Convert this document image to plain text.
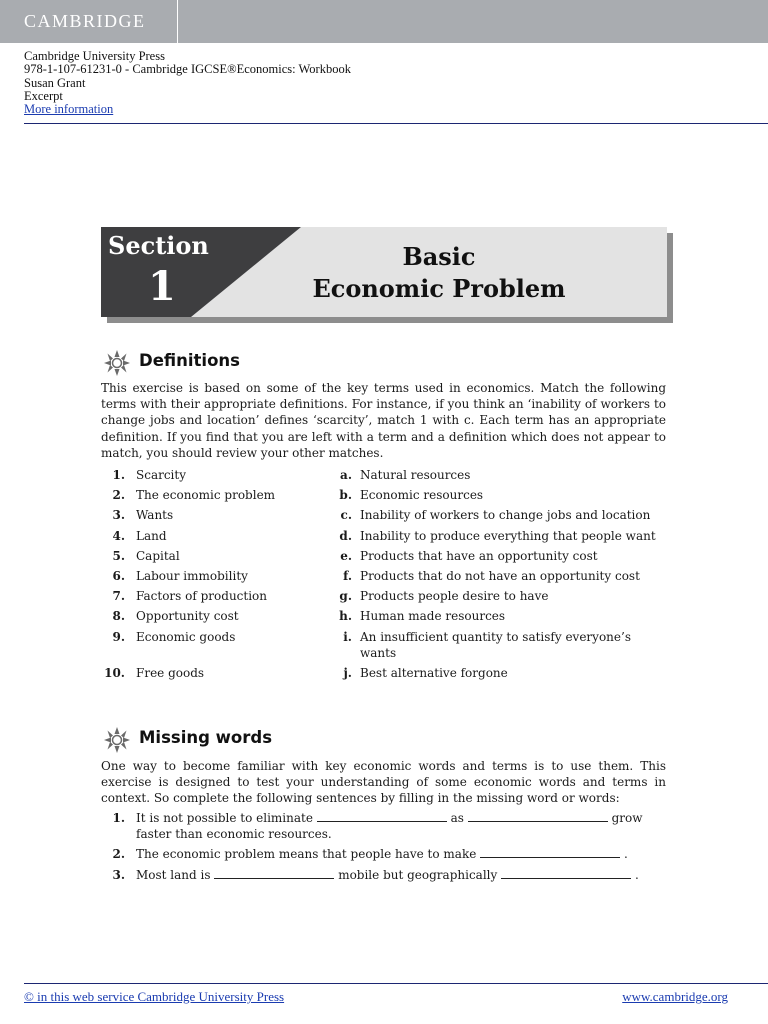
CAMBRIDGE
Cambridge University Press
978-1-107-61231-0 - Cambridge IGCSE®Economics: Workbook
Susan Grant
Excerpt
More information
Section
1
Basic
Economic Problem
Definitions
This exercise is based on some of the key terms used in economics. Match the following terms with their appropriate definitions. For instance, if you think an ‘inability of workers to change jobs and location’ defines ‘scarcity’, match 1 with c. Each term has an appropriate definition. If you find that you are left with a term and a definition which does not appear to match, you should review your other matches.
1. Scarcity	a. Natural resources
2. The economic problem	b. Economic resources
3. Wants	c. Inability of workers to change jobs and location
4. Land	d. Inability to produce everything that people want
5. Capital	e. Products that have an opportunity cost
6. Labour immobility	f. Products that do not have an opportunity cost
7. Factors of production	g. Products people desire to have
8. Opportunity cost	h. Human made resources
9. Economic goods	i. An insufficient quantity to satisfy everyone’s wants
10. Free goods	j. Best alternative forgone
Missing words
One way to become familiar with key economic words and terms is to use them. This exercise is designed to test your understanding of some economic words and terms in context. So complete the following sentences by filling in the missing word or words:
1. It is not possible to eliminate	as	grow
faster than economic resources.
2. The economic problem means that people have to make	.
3. Most land is	mobile but geographically	.
© in this web service Cambridge University Press	www.cambridge.org
